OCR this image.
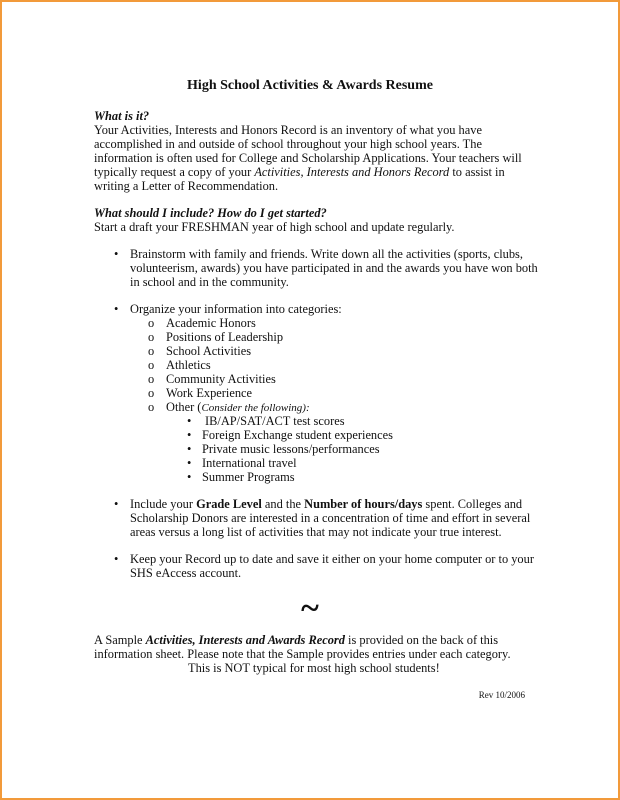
High School Activities & Awards Resume
What is it?
Your Activities, Interests and Honors Record is an inventory of what you have
accomplished in and outside of school throughout your high school years. The
information is often used for College and Scholarship Applications. Your teachers will
typically request a copy of your Activities, Interests and Honors Record to assist in
writing a Letter of Recommendation.
What should I include? How do I get started?
Start a draft your FRESHMAN year of high school and update regularly.
•
Brainstorm with family and friends. Write down all the activities (sports, clubs,
volunteerism, awards) you have participated in and the awards you have won both
in school and in the community.
•
Organize your information into categories:
o
Academic Honors
o
Positions of Leadership
o
School Activities
o
Athletics
o
Community Activities
o
Work Experience
o
Other (Consider the following):
•
IB/AP/SAT/ACT test scores
•
Foreign Exchange student experiences
•
Private music lessons/performances
•
International travel
•
Summer Programs
•
Include your Grade Level and the Number of hours/days spent. Colleges and
Scholarship Donors are interested in a concentration of time and effort in several
areas versus a long list of activities that may not indicate your true interest.
•
Keep your Record up to date and save it either on your home computer or to your
SHS eAccess account.
~
A Sample Activities, Interests and Awards Record is provided on the back of this
information sheet. Please note that the Sample provides entries under each category.
This is NOT typical for most high school students!
Rev 10/2006
